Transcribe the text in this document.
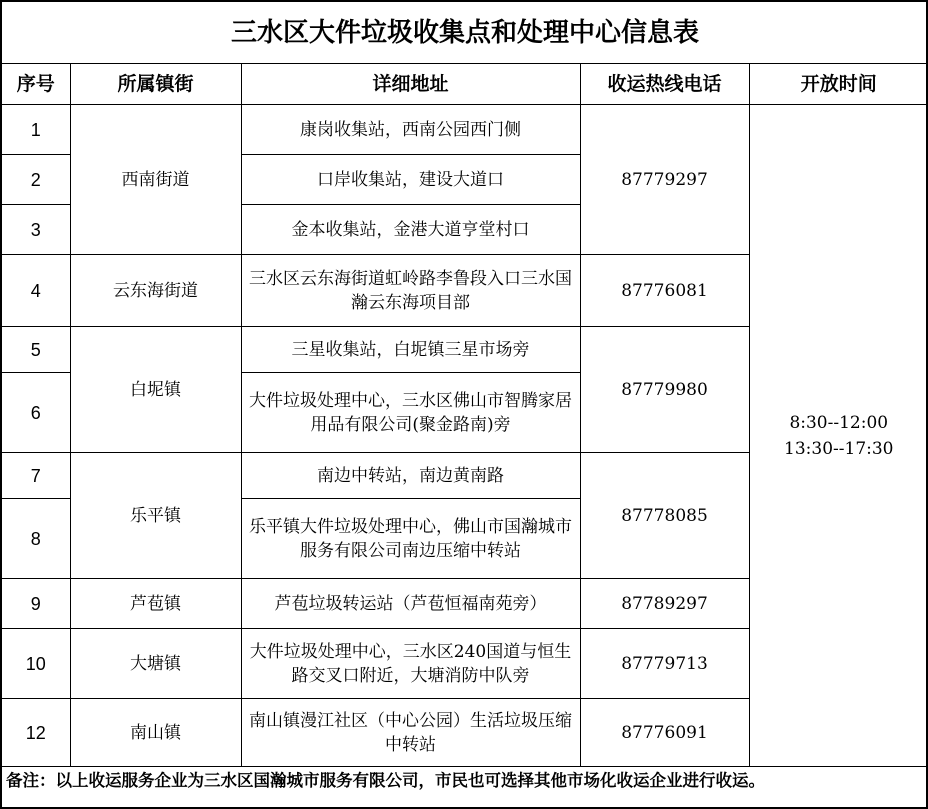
三水区大件垃圾收集点和处理中心信息表				
序号	所属镇街	详细地址	收运热线电话	开放时间
1	西南街道	康岗收集站，西南公园西门侧	87779297	8:30--12:00
13:30--17:30

2		口岸收集站，建设大道口		
3		金本收集站，金港大道亨堂村口		
4	云东海街道	三水区云东海街道虹岭路李鲁段入口三水国瀚云东海项目部	87776081	
5	白坭镇	三星收集站，白坭镇三星市场旁	87779980	
6		大件垃圾处理中心，三水区佛山市智腾家居用品有限公司(聚金路南)旁		
7	乐平镇	南边中转站，南边黄南路	87778085	
8		乐平镇大件垃圾处理中心，佛山市国瀚城市服务有限公司南边压缩中转站		
9	芦苞镇	芦苞垃圾转运站（芦苞恒福南苑旁）	87789297	
10	大塘镇	大件垃圾处理中心，三水区240国道与恒生路交叉口附近，大塘消防中队旁	87779713	
12	南山镇	南山镇漫江社区（中心公园）生活垃圾压缩中转站	87776091	
备注：以上收运服务企业为三水区国瀚城市服务有限公司，市民也可选择其他市场化收运企业进行收运。				
